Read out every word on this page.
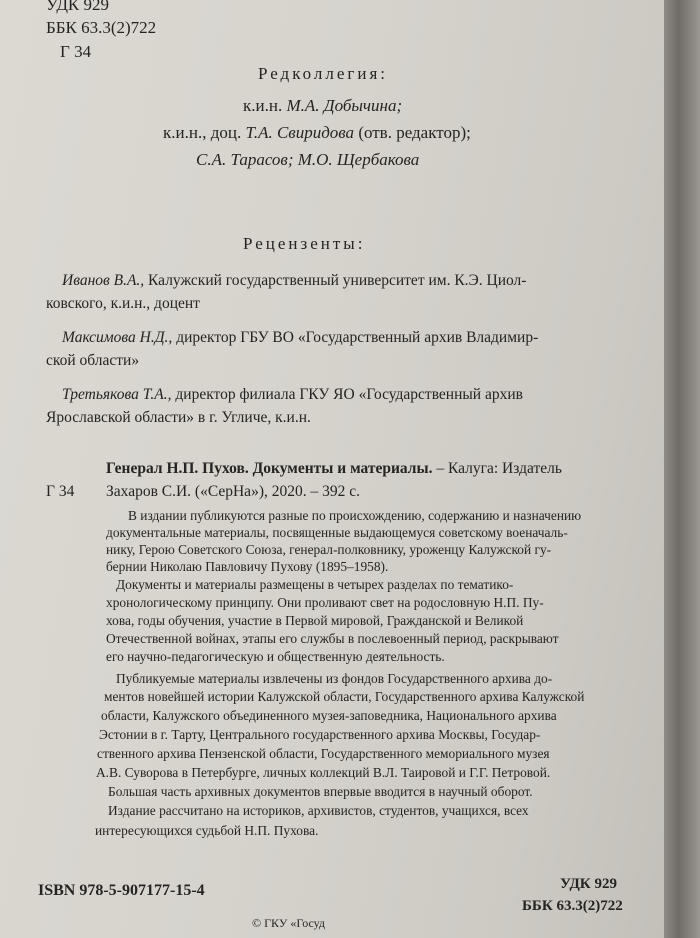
УДК 929
ББК 63.3(2)722
Г 34
Редколлегия:
к.и.н. М.А. Добычина;
к.и.н., доц. Т.А. Свиридова (отв. редактор);
С.А. Тарасов; М.О. Щербакова
Рецензенты:
Иванов В.А., Калужский государственный университет им. К.Э. Циол-
ковского, к.и.н., доцент
Максимова Н.Д., директор ГБУ ВО «Государственный архив Владимир-
ской области»
Третьякова Т.А., директор филиала ГКУ ЯО «Государственный архив
Ярославской области» в г. Угличе, к.и.н.
Генерал Н.П. Пухов. Документы и материалы. – Калуга: Издатель
Г 34 Захаров С.И. («СерНа»), 2020. – 392 с.
В издании публикуются разные по происхождению, содержанию и назначению
документальные материалы, посвященные выдающемуся советскому военачаль-
нику, Герою Советского Союза, генерал-полковнику, уроженцу Калужской гу-
бернии Николаю Павловичу Пухову (1895–1958).
Документы и материалы размещены в четырех разделах по тематико-
хронологическому принципу. Они проливают свет на родословную Н.П. Пу-
хова, годы обучения, участие в Первой мировой, Гражданской и Великой
Отечественной войнах, этапы его службы в послевоенный период, раскрывают
его научно-педагогическую и общественную деятельность.
Публикуемые материалы извлечены из фондов Государственного архива до-
ментов новейшей истории Калужской области, Государственного архива Калужской
области, Калужского объединенного музея-заповедника, Национального архива
Эстонии в г. Тарту, Центрального государственного архива Москвы, Государ-
ственного архива Пензенской области, Государственного мемориального музея
А.В. Суворова в Петербурге, личных коллекций В.Л. Таировой и Г.Г. Петровой.
Большая часть архивных документов впервые вводится в научный оборот.
Издание рассчитано на историков, архивистов, студентов, учащихся, всех
интересующихся судьбой Н.П. Пухова.
ISBN 978-5-907177-15-4
© ГКУ «Госуд
УДК 929
ББК 63.3(2)722
